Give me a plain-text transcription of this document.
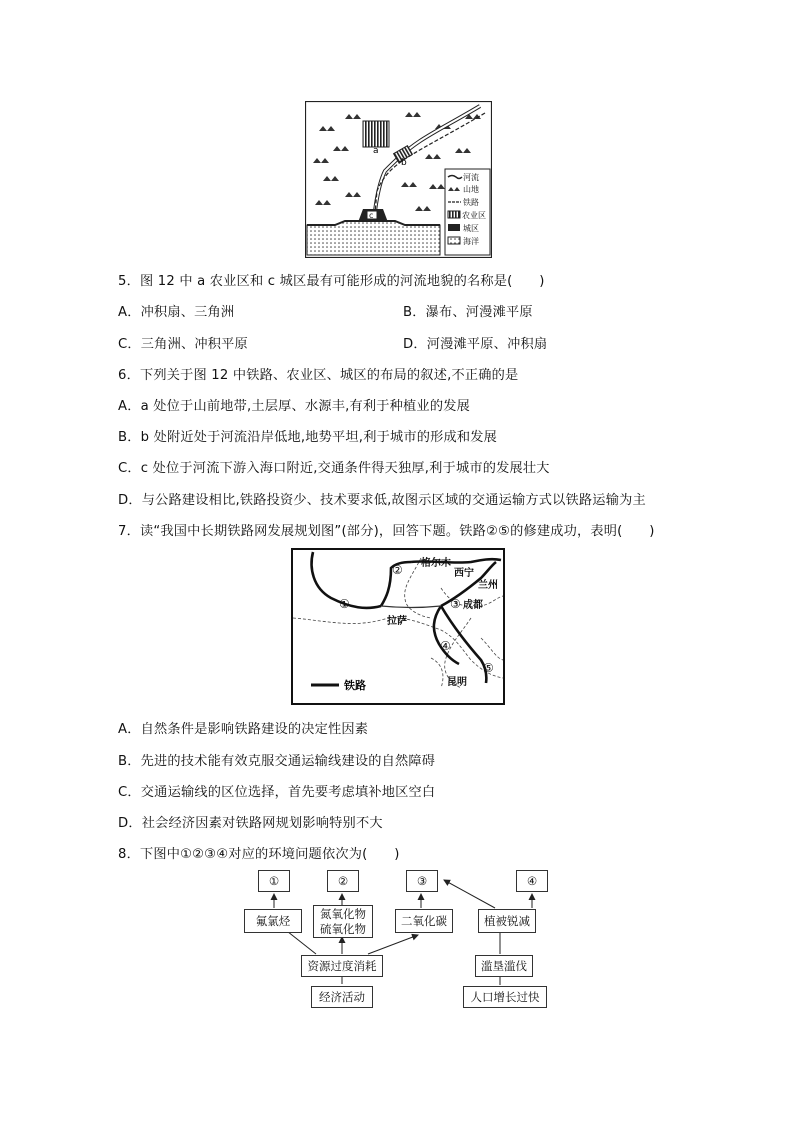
a
b
c
河流
山地
铁路
农业区
城区
海洋
5．图 12 中 a 农业区和 c 城区最有可能形成的河流地貌的名称是(　　)
A．冲积扇、三角洲	B．瀑布、河漫滩平原
C．三角洲、冲积平原	D．河漫滩平原、冲积扇
6．下列关于图 12 中铁路、农业区、城区的布局的叙述,不正确的是
A．a 处位于山前地带,土层厚、水源丰,有利于种植业的发展
B．b 处附近处于河流沿岸低地,地势平坦,利于城市的形成和发展
C．c 处位于河流下游入海口附近,交通条件得天独厚,利于城市的发展壮大
D．与公路建设相比,铁路投资少、技术要求低,故图示区域的交通运输方式以铁路运输为主
7．读“我国中长期铁路网发展规划图”(部分)，回答下题。铁路②⑤的修建成功，表明(　　)
格尔木
西宁
兰州
拉萨
成都
昆明
①
②
③
④
⑤
铁路
A．自然条件是影响铁路建设的决定性因素
B．先进的技术能有效克服交通运输线建设的自然障碍
C．交通运输线的区位选择，首先要考虑填补地区空白
D．社会经济因素对铁路网规划影响特别不大
8．下图中①②③④对应的环境问题依次为(　　)
①	②	③	④
氟氯烃	氮氧化物
硫氧化物
二氧化碳	植被锐减
资源过度消耗
经济活动
滥垦滥伐
人口增长过快
